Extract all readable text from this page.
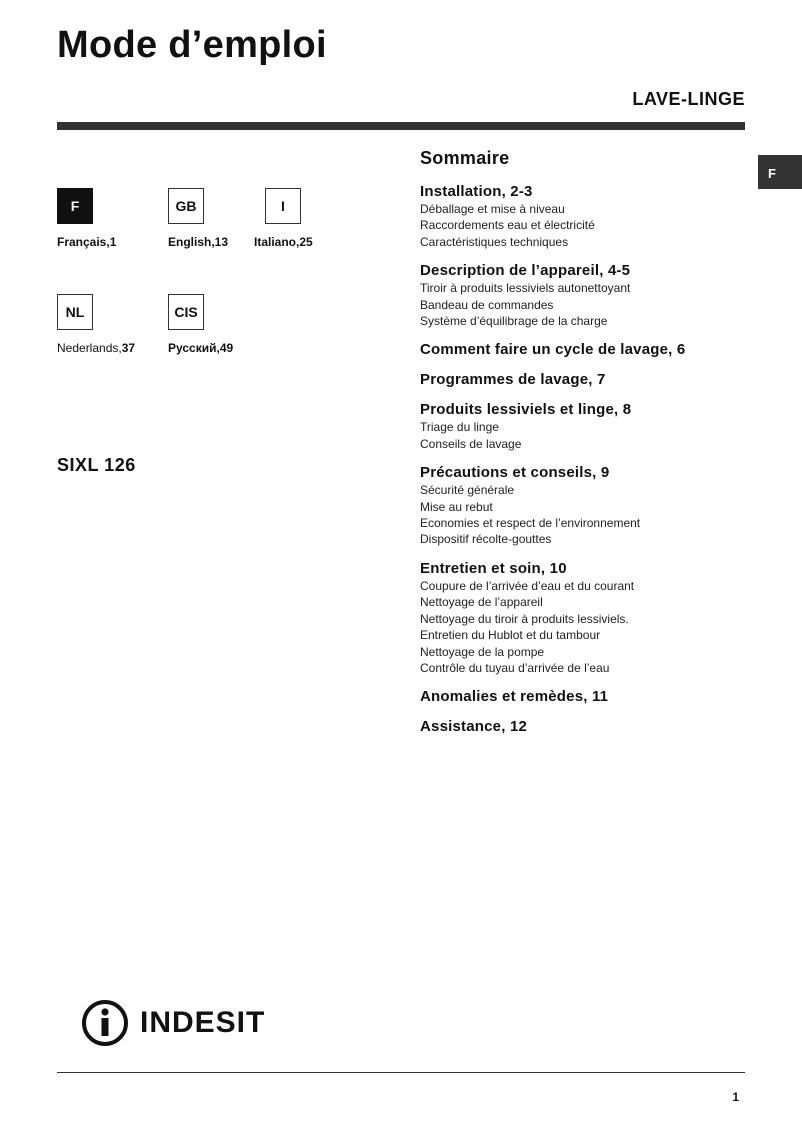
Mode d’emploi
LAVE-LINGE
F
F
Français,1
GB
English,13
I
Italiano,25
NL
Nederlands,37
CIS
Русский,49
SIXL 126
Sommaire
Installation, 2-3
Déballage et mise à niveau
Raccordements eau et électricité
Caractéristiques techniques
Description de l’appareil, 4-5
Tiroir à produits lessiviels autonettoyant
Bandeau de commandes
Système d’équilibrage de la charge
Comment faire un cycle de lavage, 6
Programmes de lavage, 7
Produits lessiviels et linge, 8
Triage du linge
Conseils de lavage
Précautions et conseils, 9
Sécurité générale
Mise au rebut
Economies et respect de l’environnement
Dispositif récolte-gouttes
Entretien et soin, 10
Coupure de l’arrivée d’eau et du courant
Nettoyage de l’appareil
Nettoyage du tiroir à produits lessiviels.
Entretien du Hublot et du tambour
Nettoyage de la pompe
Contrôle du tuyau d’arrivée de l’eau
Anomalies et remèdes, 11
Assistance, 12
INDESIT
1
